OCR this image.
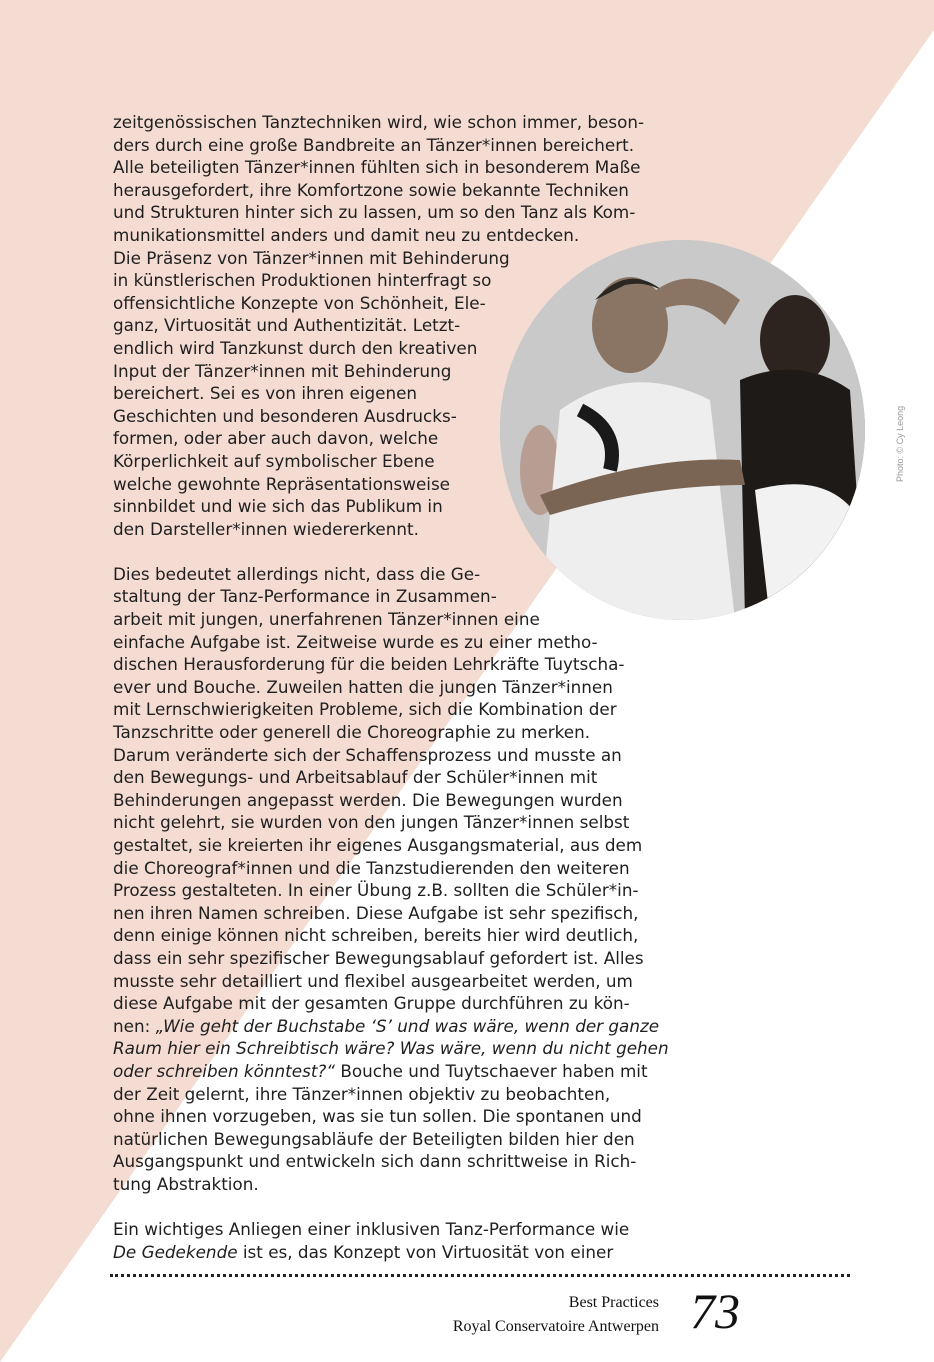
Photo: © Cy Leong

zeitgenössischen Tanztechniken wird, wie schon immer, beson-
ders durch eine große Bandbreite an Tänzer*innen bereichert.
Alle beteiligten Tänzer*innen fühlten sich in besonderem Maße
herausgefordert, ihre Komfortzone sowie bekannte Techniken
und Strukturen hinter sich zu lassen, um so den Tanz als Kom-
munikationsmittel anders und damit neu zu entdecken.
Die Präsenz von Tänzer*innen mit Behinderung
in künstlerischen Produktionen hinterfragt so
offensichtliche Konzepte von Schönheit, Ele-
ganz, Virtuosität und Authentizität. Letzt-
endlich wird Tanzkunst durch den kreativen
Input der Tänzer*innen mit Behinderung
bereichert. Sei es von ihren eigenen
Geschichten und besonderen Ausdrucks-
formen, oder aber auch davon, welche
Körperlichkeit auf symbolischer Ebene
welche gewohnte Repräsentationsweise
sinnbildet und wie sich das Publikum in
den Darsteller*innen wiedererkennt.

Dies bedeutet allerdings nicht, dass die Ge-
staltung der Tanz-Performance in Zusammen-
arbeit mit jungen, unerfahrenen Tänzer*innen eine
einfache Aufgabe ist. Zeitweise wurde es zu einer metho-
dischen Herausforderung für die beiden Lehrkräfte Tuytscha-
ever und Bouche. Zuweilen hatten die jungen Tänzer*innen
mit Lernschwierigkeiten Probleme, sich die Kombination der
Tanzschritte oder generell die Choreographie zu merken.
Darum veränderte sich der Schaffensprozess und musste an
den Bewegungs- und Arbeitsablauf der Schüler*innen mit
Behinderungen angepasst werden. Die Bewegungen wurden
nicht gelehrt, sie wurden von den jungen Tänzer*innen selbst
gestaltet, sie kreierten ihr eigenes Ausgangsmaterial, aus dem
die Choreograf*innen und die Tanzstudierenden den weiteren
Prozess gestalteten. In einer Übung z.B. sollten die Schüler*in-
nen ihren Namen schreiben. Diese Aufgabe ist sehr spezifisch,
denn einige können nicht schreiben, bereits hier wird deutlich,
dass ein sehr spezifischer Bewegungsablauf gefordert ist. Alles
musste sehr detailliert und flexibel ausgearbeitet werden, um
diese Aufgabe mit der gesamten Gruppe durchführen zu kön-
nen: „Wie geht der Buchstabe ‘S’ und was wäre, wenn der ganze
Raum hier ein Schreibtisch wäre? Was wäre, wenn du nicht gehen
oder schreiben könntest?“ Bouche und Tuytschaever haben mit
der Zeit gelernt, ihre Tänzer*innen objektiv zu beobachten,
ohne ihnen vorzugeben, was sie tun sollen. Die spontanen und
natürlichen Bewegungsabläufe der Beteiligten bilden hier den
Ausgangspunkt und entwickeln sich dann schrittweise in Rich-
tung Abstraktion.

Ein wichtiges Anliegen einer inklusiven Tanz-Performance wie
De Gedekende ist es, das Konzept von Virtuosität von einer

Best Practices
Royal Conservatoire Antwerpen 73
